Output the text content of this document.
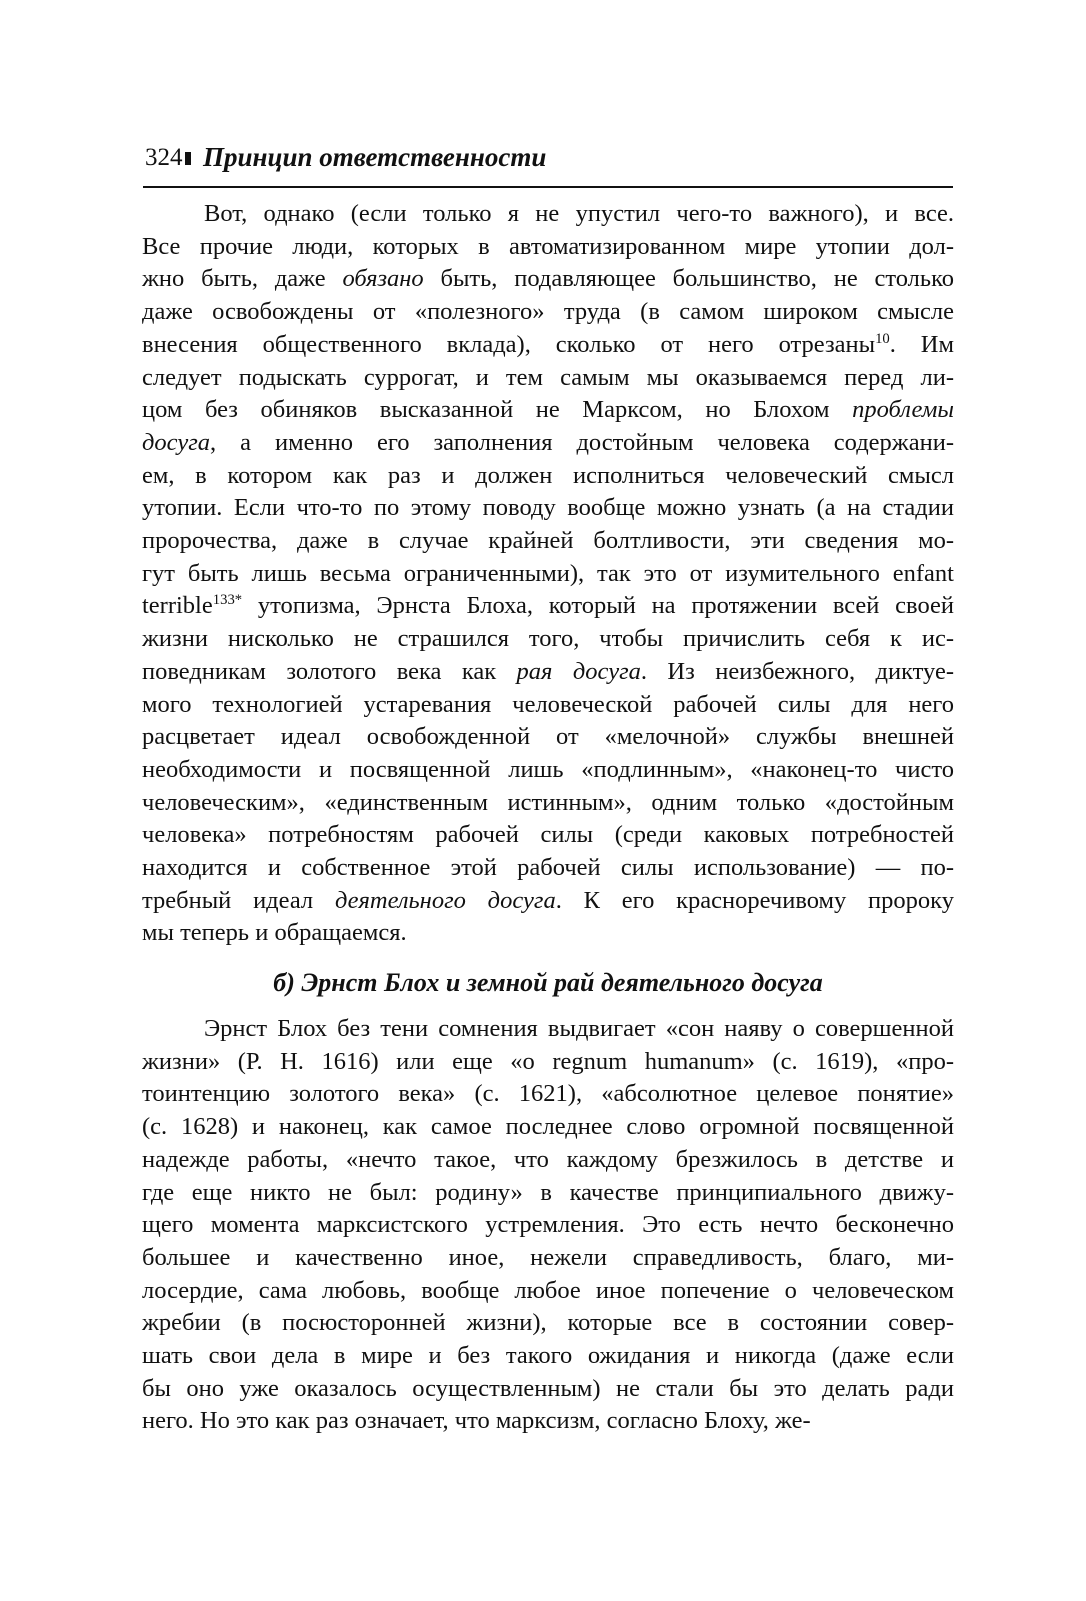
324 Принцип ответственности
Вот, однако (если только я не упустил чего-то важного), и все.
Все прочие люди, которых в автоматизированном мире утопии дол-
жно быть, даже обязано быть, подавляющее большинство, не столько
даже освобождены от «полезного» труда (в самом широком смысле
внесения общественного вклада), сколько от него отрезаны$^{10}$. Им
следует подыскать суррогат, и тем самым мы оказываемся перед ли-
цом без обиняков высказанной не Марксом, но Блохом проблемы
досуга, а именно его заполнения достойным человека содержани-
ем, в котором как раз и должен исполниться человеческий смысл
утопии. Если что-то по этому поводу вообще можно узнать (а на стадии
пророчества, даже в случае крайней болтливости, эти сведения мо-
гут быть лишь весьма ограниченными), так это от изумительного enfant
terrible$^{133*}$ утопизма, Эрнста Блоха, который на протяжении всей своей
жизни нисколько не страшился того, чтобы причислить себя к ис-
поведникам золотого века как рая досуга. Из неизбежного, диктуе-
мого технологией устаревания человеческой рабочей силы для него
расцветает идеал освобожденной от «мелочной» службы внешней
необходимости и посвященной лишь «подлинным», «наконец-то чисто
человеческим», «единственным истинным», одним только «достойным
человека» потребностям рабочей силы (среди каковых потребностей
находится и собственное этой рабочей силы использование) — по-
требный идеал деятельного досуга. К его красноречивому пророку
мы теперь и обращаемся.
б) Эрнст Блох и земной рай деятельного досуга
Эрнст Блох без тени сомнения выдвигает «сон наяву о совершенной
жизни» (Р. Н. 1616) или еще «о regnum humanum» (с. 1619), «про-
тоинтенцию золотого века» (с. 1621), «абсолютное целевое понятие»
(с. 1628) и наконец, как самое последнее слово огромной посвященной
надежде работы, «нечто такое, что каждому брезжилось в детстве и
где еще никто не был: родину» в качестве принципиального движу-
щего момента марксистского устремления. Это есть нечто бесконечно
большее и качественно иное, нежели справедливость, благо, ми-
лосердие, сама любовь, вообще любое иное попечение о человеческом
жребии (в посюсторонней жизни), которые все в состоянии совер-
шать свои дела в мире и без такого ожидания и никогда (даже если
бы оно уже оказалось осуществленным) не стали бы это делать ради
него. Но это как раз означает, что марксизм, согласно Блоху, же-
